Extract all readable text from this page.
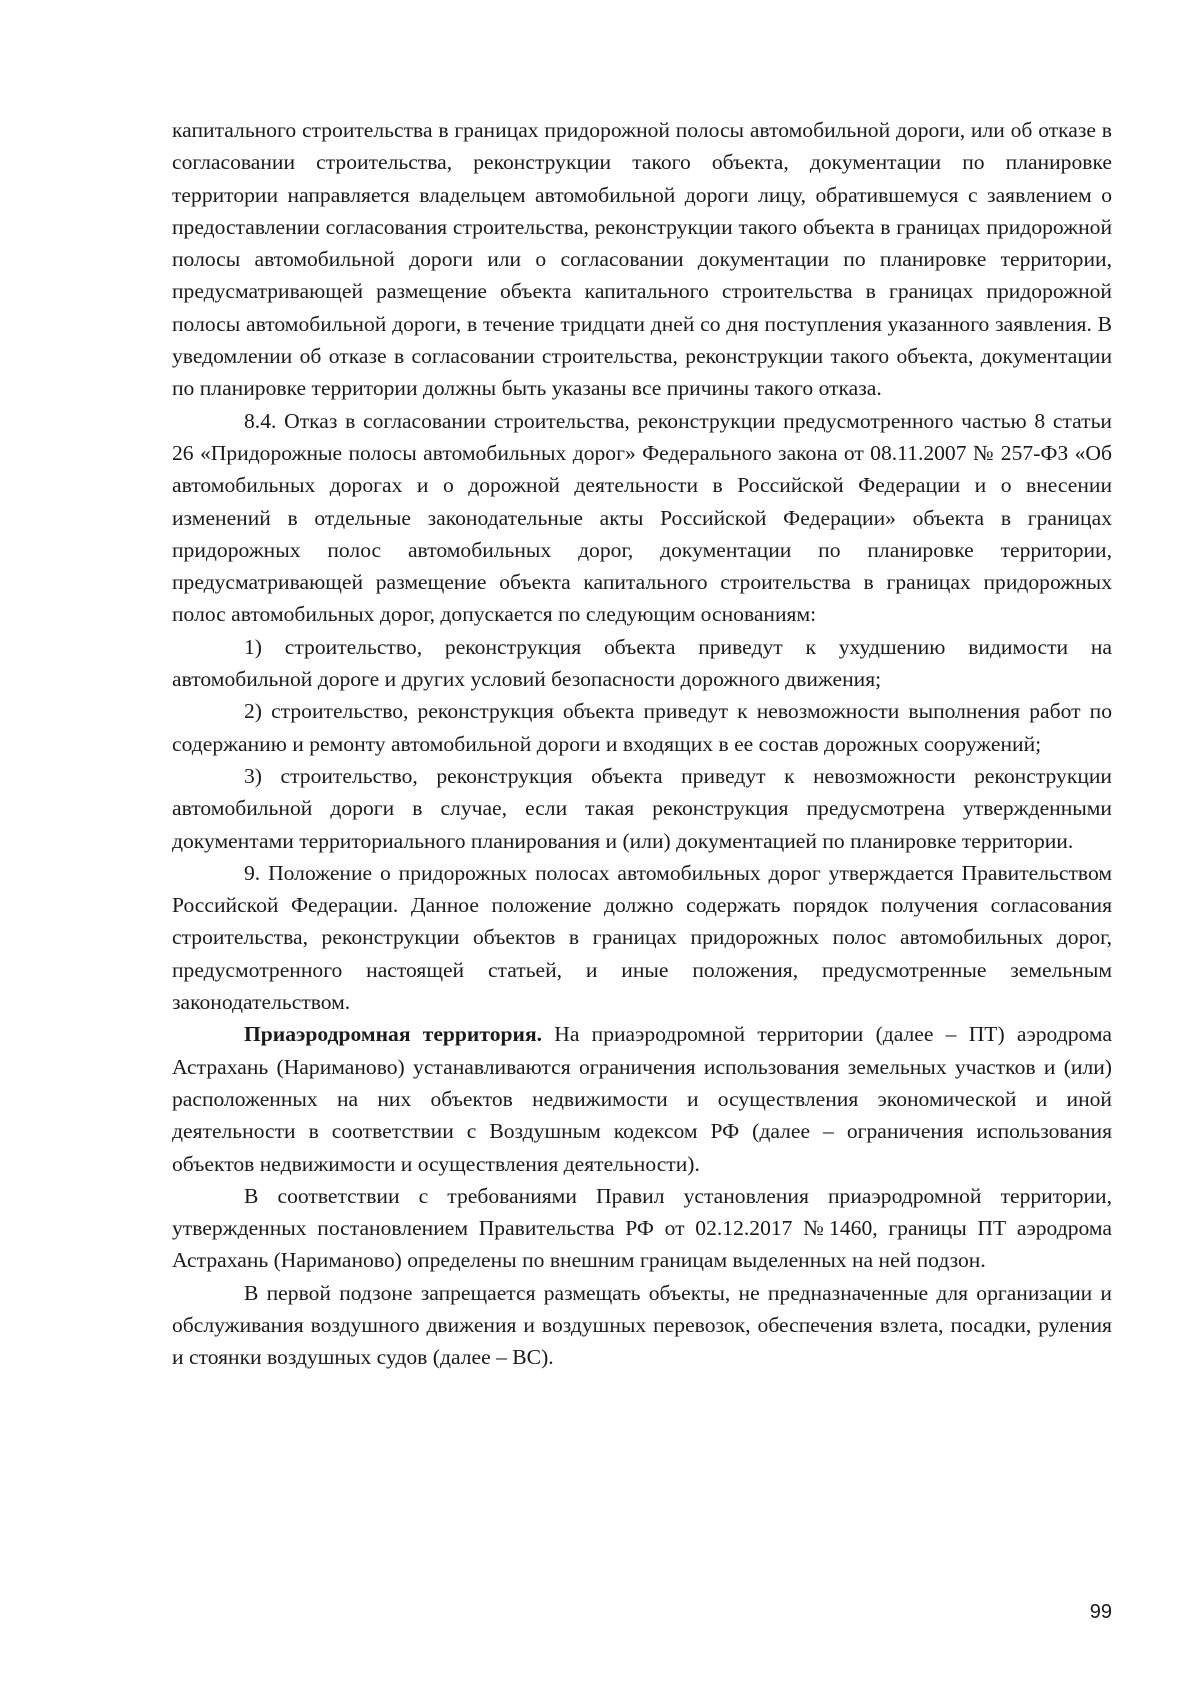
капитального строительства в границах придорожной полосы автомобильной дороги, или об отказе в согласовании строительства, реконструкции такого объекта, документации по планировке территории направляется владельцем автомобильной дороги лицу, обратившемуся с заявлением о предоставлении согласования строительства, реконструкции такого объекта в границах придорожной полосы автомобильной дороги или о согласовании документации по планировке территории, предусматривающей размещение объекта капитального строительства в границах придорожной полосы автомобильной дороги, в течение тридцати дней со дня поступления указанного заявления. В уведомлении об отказе в согласовании строительства, реконструкции такого объекта, документации по планировке территории должны быть указаны все причины такого отказа.

8.4. Отказ в согласовании строительства, реконструкции предусмотренного частью 8 статьи 26 «Придорожные полосы автомобильных дорог» Федерального закона от 08.11.2007 № 257-ФЗ «Об автомобильных дорогах и о дорожной деятельности в Российской Федерации и о внесении изменений в отдельные законодательные акты Российской Федерации» объекта в границах придорожных полос автомобильных дорог, документации по планировке территории, предусматривающей размещение объекта капитального строительства в границах придорожных полос автомобильных дорог, допускается по следующим основаниям:

1) строительство, реконструкция объекта приведут к ухудшению видимости на автомобильной дороге и других условий безопасности дорожного движения;

2) строительство, реконструкция объекта приведут к невозможности выполнения работ по содержанию и ремонту автомобильной дороги и входящих в ее состав дорожных сооружений;

3) строительство, реконструкция объекта приведут к невозможности реконструкции автомобильной дороги в случае, если такая реконструкция предусмотрена утвержденными документами территориального планирования и (или) документацией по планировке территории.

9. Положение о придорожных полосах автомобильных дорог утверждается Правительством Российской Федерации. Данное положение должно содержать порядок получения согласования строительства, реконструкции объектов в границах придорожных полос автомобильных дорог, предусмотренного настоящей статьей, и иные положения, предусмотренные земельным законодательством.

Приаэродромная территория. На приаэродромной территории (далее – ПТ) аэродрома Астрахань (Нариманово) устанавливаются ограничения использования земельных участков и (или) расположенных на них объектов недвижимости и осуществления экономической и иной деятельности в соответствии с Воздушным кодексом РФ (далее – ограничения использования объектов недвижимости и осуществления деятельности).

В соответствии с требованиями Правил установления приаэродромной территории, утвержденных постановлением Правительства РФ от 02.12.2017 №1460, границы ПТ аэродрома Астрахань (Нариманово) определены по внешним границам выделенных на ней подзон.

В первой подзоне запрещается размещать объекты, не предназначенные для организации и обслуживания воздушного движения и воздушных перевозок, обеспечения взлета, посадки, руления и стоянки воздушных судов (далее – ВС).

99
